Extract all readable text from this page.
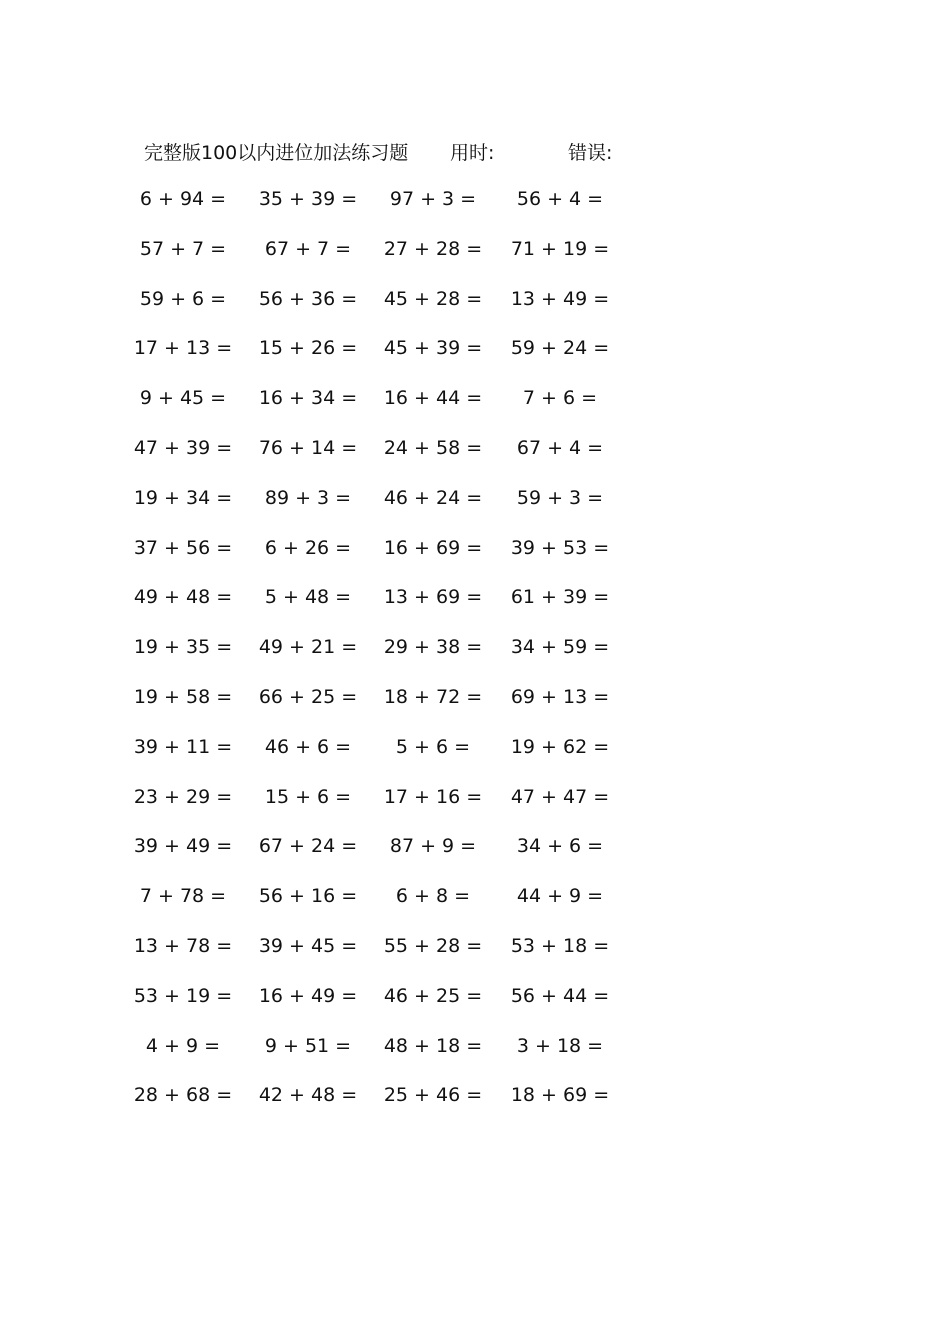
完整版100以内进位加法练习题 用时:	错误:
6 + 94 = 35 + 39 = 97 + 3 = 56 + 4 =
57 + 7 = 67 + 7 = 27 + 28 = 71 + 19 =
59 + 6 = 56 + 36 = 45 + 28 = 13 + 49 =
17 + 13 = 15 + 26 = 45 + 39 = 59 + 24 =
9 + 45 = 16 + 34 = 16 + 44 = 7 + 6 =
47 + 39 = 76 + 14 = 24 + 58 = 67 + 4 =
19 + 34 = 89 + 3 = 46 + 24 = 59 + 3 =
37 + 56 = 6 + 26 = 16 + 69 = 39 + 53 =
49 + 48 = 5 + 48 = 13 + 69 = 61 + 39 =
19 + 35 = 49 + 21 = 29 + 38 = 34 + 59 =
19 + 58 = 66 + 25 = 18 + 72 = 69 + 13 =
39 + 11 = 46 + 6 = 5 + 6 = 19 + 62 =
23 + 29 = 15 + 6 = 17 + 16 = 47 + 47 =
39 + 49 = 67 + 24 = 87 + 9 = 34 + 6 =
7 + 78 = 56 + 16 = 6 + 8 = 44 + 9 =
13 + 78 = 39 + 45 = 55 + 28 = 53 + 18 =
53 + 19 = 16 + 49 = 46 + 25 = 56 + 44 =
4 + 9 = 9 + 51 = 48 + 18 = 3 + 18 =
28 + 68 = 42 + 48 = 25 + 46 = 18 + 69 =
